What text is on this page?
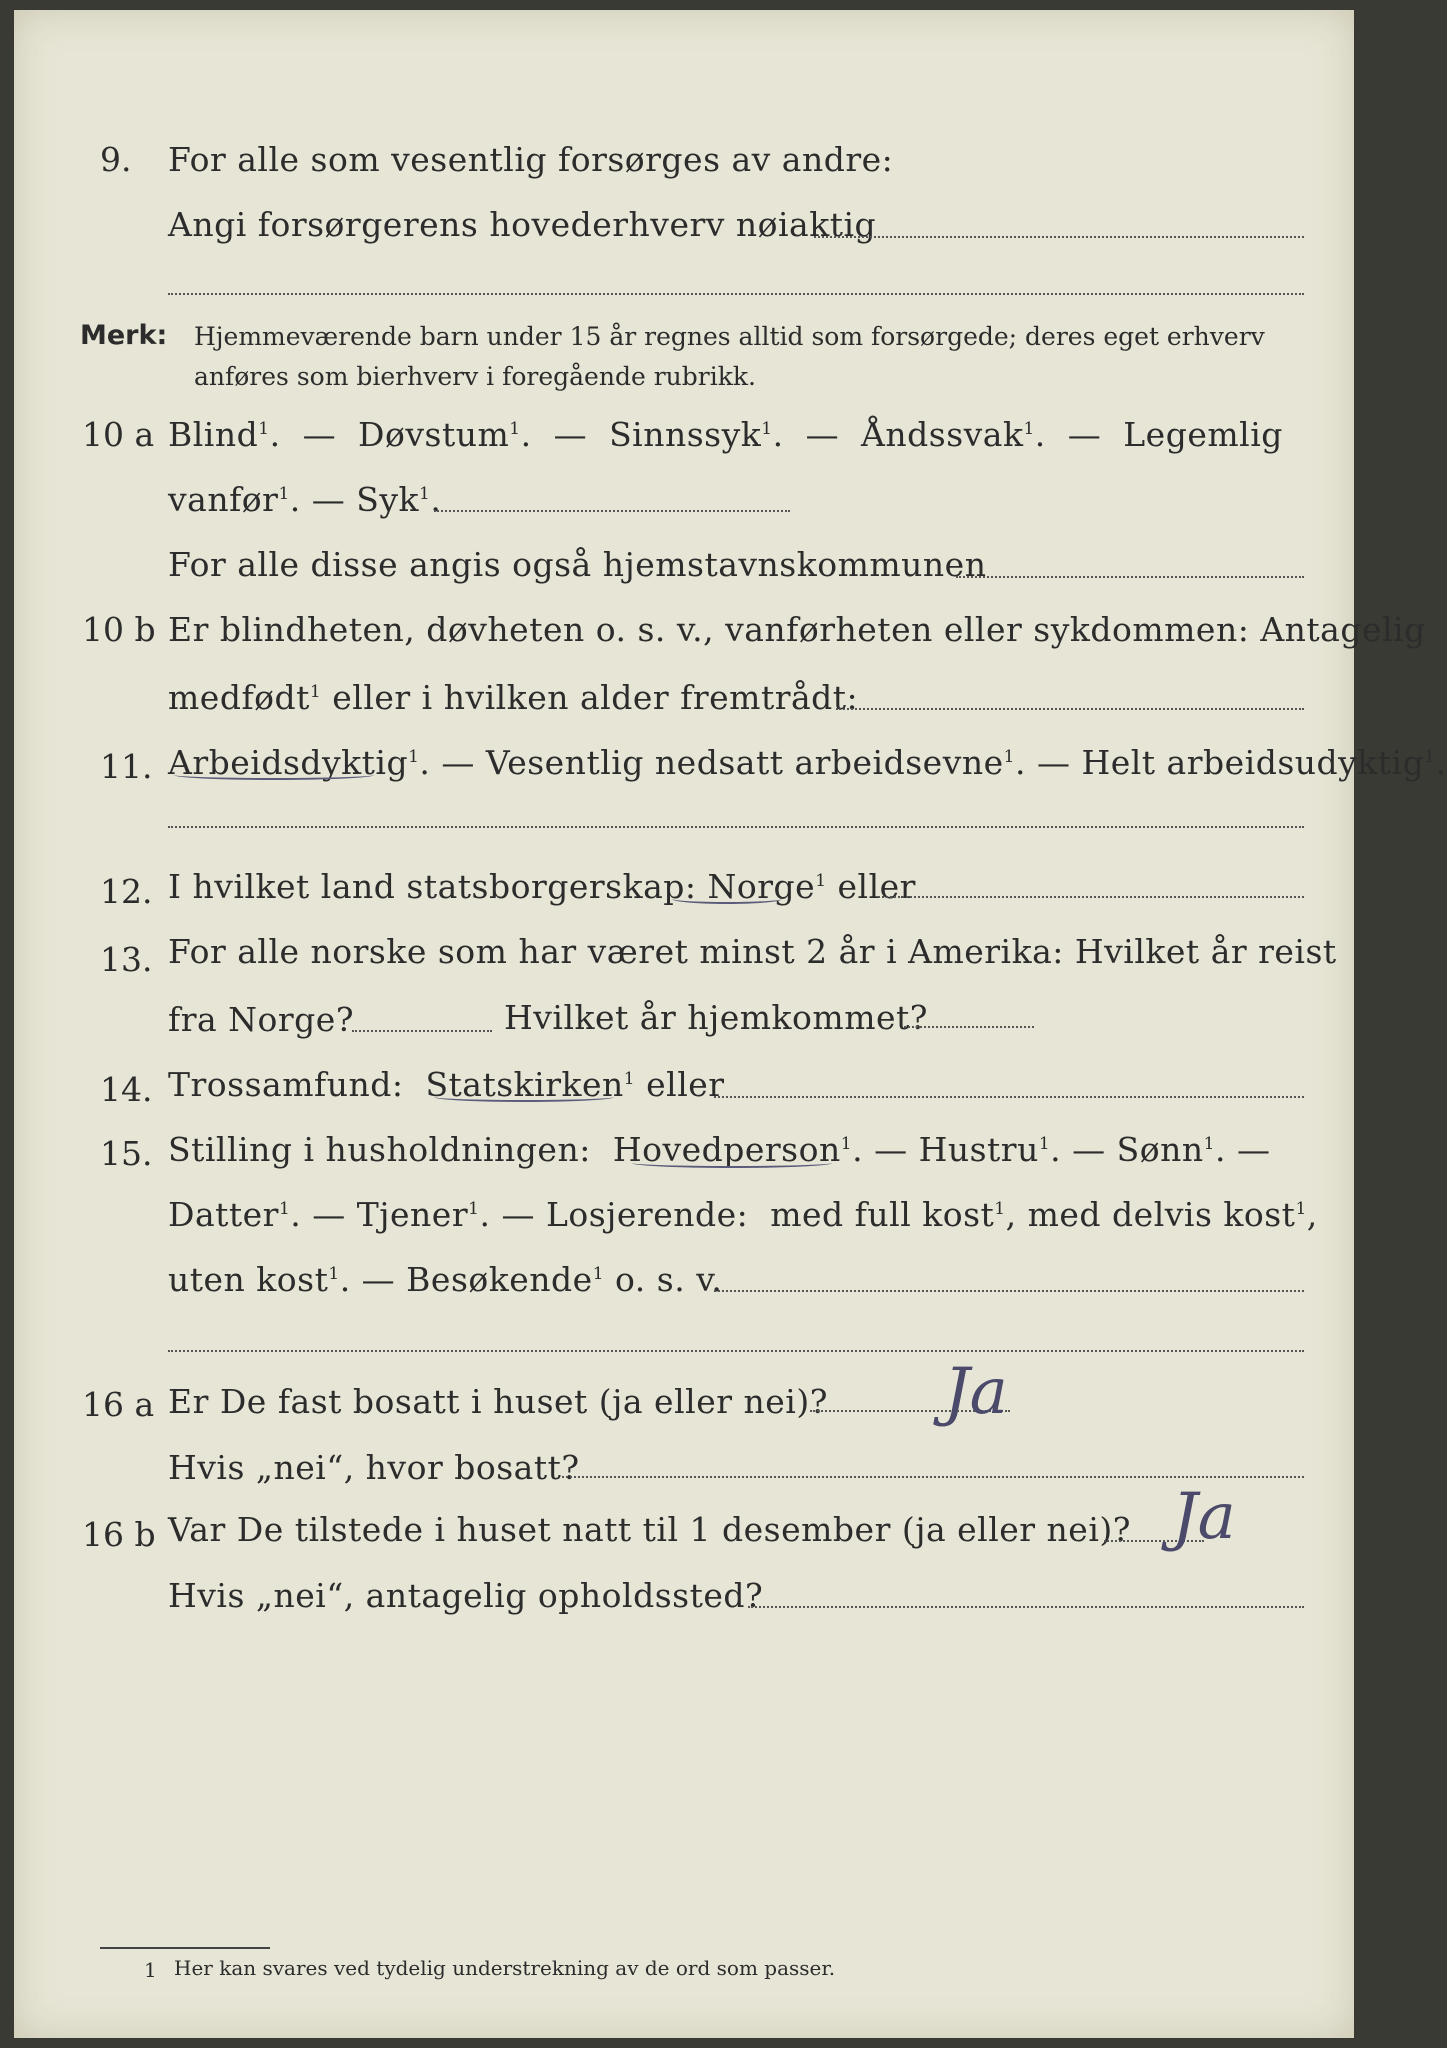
9. For alle som vesentlig forsørges av andre:
Angi forsørgerens hovederhverv nøiaktig
Merk: Hjemmeværende barn under 15 år regnes alltid som forsørgede; deres eget erhverv
anføres som bierhverv i foregående rubrikk.
10 a Blind$^1$.  — Døvstum$^1$.  — Sinnssyk$^1$.  — Åndssvak$^1$.  — Legemlig
vanfør$^1$. — Syk$^1$.
For alle disse angis også hjemstavnskommunen
10 b Er blindheten, døvheten o. s. v., vanførheten eller sykdommen: Antagelig
medfødt$^1$ eller i hvilken alder fremtrådt:
11. Arbeidsdyktig$^1$. — Vesentlig nedsatt arbeidsevne$^1$. — Helt arbeidsudyktig$^1$.
12. I hvilket land statsborgerskap: Norge$^1$ eller
13. For alle norske som har været minst 2 år i Amerika: Hvilket år reist
fra Norge?	Hvilket år hjemkommet?
14. Trossamfund: Statskirken$^1$ eller
15. Stilling i husholdningen: Hovedperson$^1$. — Hustru$^1$. — Sønn$^1$. —
Datter$^1$. — Tjener$^1$. — Losjerende: med full kost$^1$, med delvis kost$^1$,
uten kost$^1$. — Besøkende$^1$ o. s. v.
16 a Er De fast bosatt i huset (ja eller nei)? Ja
Hvis „nei“, hvor bosatt?
16 b Var De tilstede i huset natt til 1 desember (ja eller nei)? Ja
Hvis „nei“, antagelig opholdssted?
1 Her kan svares ved tydelig understrekning av de ord som passer.
